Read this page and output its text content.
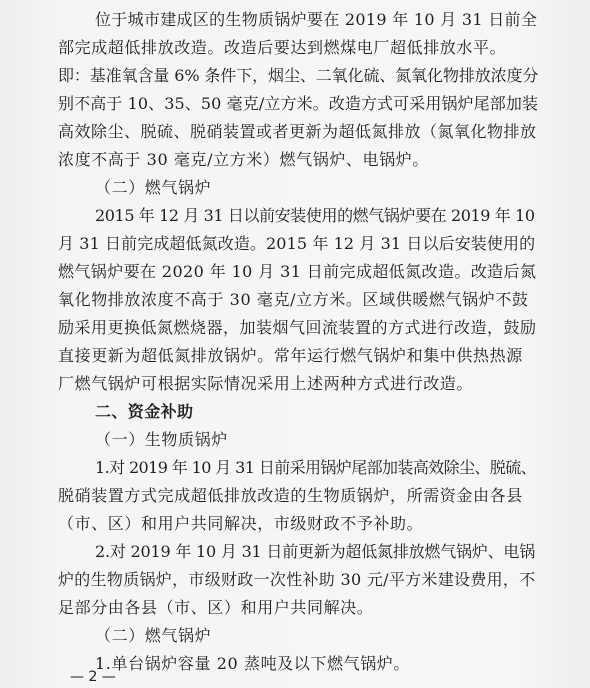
位于城市建成区的生物质锅炉要在 2019 年 10 月 31 日前全
部完成超低排放改造。改造后要达到燃煤电厂超低排放水平。
即：基准氧含量 6% 条件下，烟尘、二氧化硫、氮氧化物排放浓度分
别不高于 10、35、50 毫克/立方米。改造方式可采用锅炉尾部加装
高效除尘、脱硫、脱硝装置或者更新为超低氮排放（氮氧化物排放
浓度不高于 30 毫克/立方米）燃气锅炉、电锅炉。
（二）燃气锅炉
2015 年 12 月 31 日以前安装使用的燃气锅炉要在 2019 年 10
月 31 日前完成超低氮改造。2015 年 12 月 31 日以后安装使用的
燃气锅炉要在 2020 年 10 月 31 日前完成超低氮改造。改造后氮
氧化物排放浓度不高于 30 毫克/立方米。区域供暖燃气锅炉不鼓
励采用更换低氮燃烧器，加装烟气回流装置的方式进行改造，鼓励
直接更新为超低氮排放锅炉。常年运行燃气锅炉和集中供热热源
厂燃气锅炉可根据实际情况采用上述两种方式进行改造。
二、资金补助
（一）生物质锅炉
1.对 2019 年 10 月 31 日前采用锅炉尾部加装高效除尘、脱硫、
脱硝装置方式完成超低排放改造的生物质锅炉，所需资金由各县
（市、区）和用户共同解决，市级财政不予补助。
2.对 2019 年 10 月 31 日前更新为超低氮排放燃气锅炉、电锅
炉的生物质锅炉，市级财政一次性补助 30 元/平方米建设费用，不
足部分由各县（市、区）和用户共同解决。
（二）燃气锅炉
1.单台锅炉容量 20 蒸吨及以下燃气锅炉。
— 2 —
